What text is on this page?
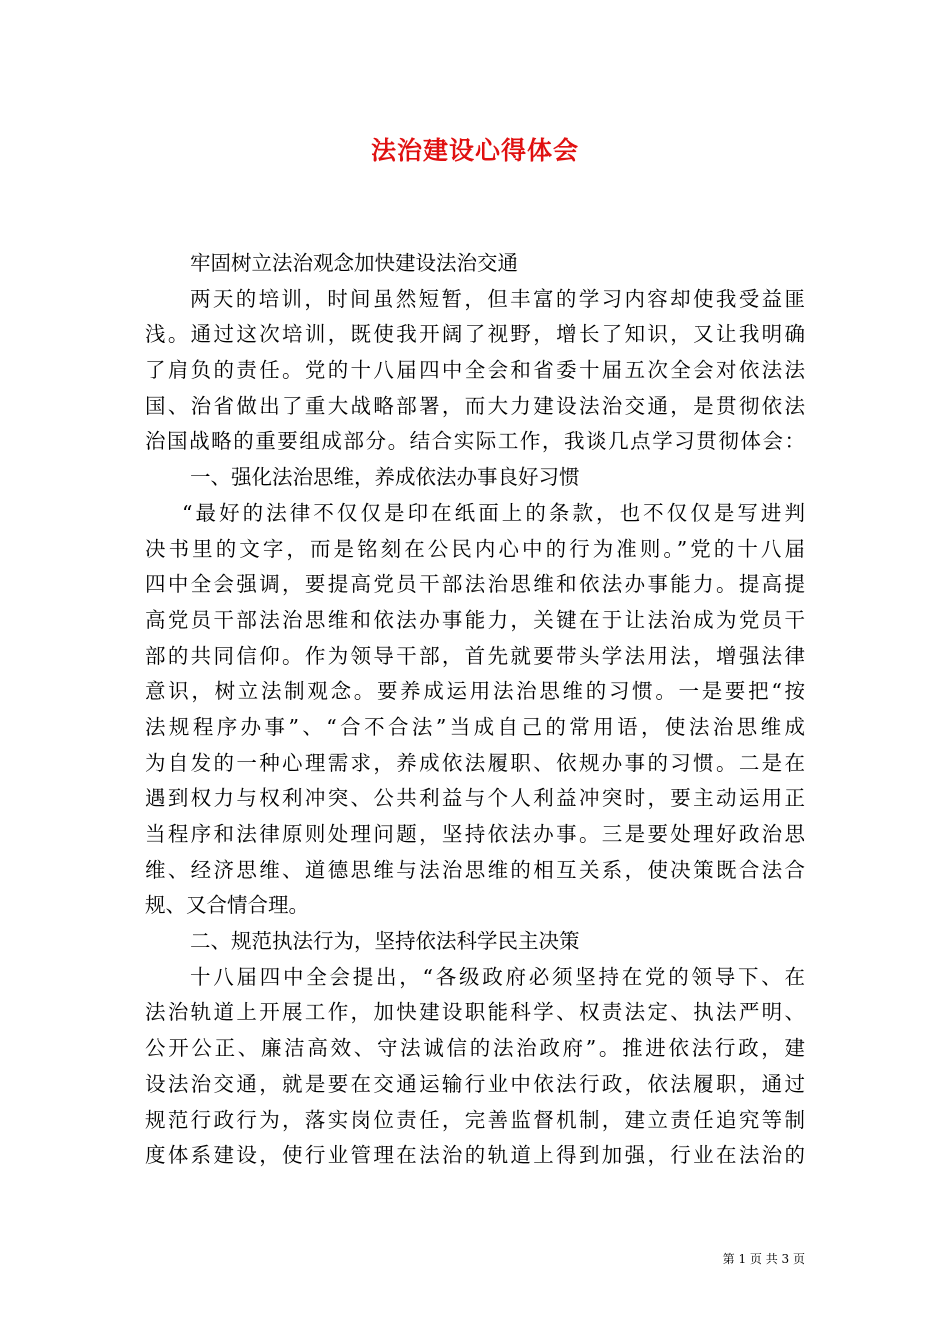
法治建设心得体会
牢固树立法治观念加快建设法治交通
两天的培训，时间虽然短暂，但丰富的学习内容却使我受益匪
浅。通过这次培训，既使我开阔了视野，增长了知识，又让我明确
了肩负的责任。党的十八届四中全会和省委十届五次全会对依法法
国、治省做出了重大战略部署，而大力建设法治交通，是贯彻依法
治国战略的重要组成部分。结合实际工作，我谈几点学习贯彻体会：
一、强化法治思维，养成依法办事良好习惯
“最好的法律不仅仅是印在纸面上的条款，也不仅仅是写进判
决书里的文字，而是铭刻在公民内心中的行为准则。”党的十八届
四中全会强调，要提高党员干部法治思维和依法办事能力。提高提
高党员干部法治思维和依法办事能力，关键在于让法治成为党员干
部的共同信仰。作为领导干部，首先就要带头学法用法，增强法律
意识，树立法制观念。要养成运用法治思维的习惯。一是要把“按
法规程序办事”、“合不合法”当成自己的常用语，使法治思维成
为自发的一种心理需求，养成依法履职、依规办事的习惯。二是在
遇到权力与权利冲突、公共利益与个人利益冲突时，要主动运用正
当程序和法律原则处理问题，坚持依法办事。三是要处理好政治思
维、经济思维、道德思维与法治思维的相互关系，使决策既合法合
规、又合情合理。
二、规范执法行为，坚持依法科学民主决策
十八届四中全会提出，“各级政府必须坚持在党的领导下、在
法治轨道上开展工作，加快建设职能科学、权责法定、执法严明、
公开公正、廉洁高效、守法诚信的法治政府”。推进依法行政，建
设法治交通，就是要在交通运输行业中依法行政，依法履职，通过
规范行政行为，落实岗位责任，完善监督机制，建立责任追究等制
度体系建设，使行业管理在法治的轨道上得到加强，行业在法治的
第 1 页 共 3 页
